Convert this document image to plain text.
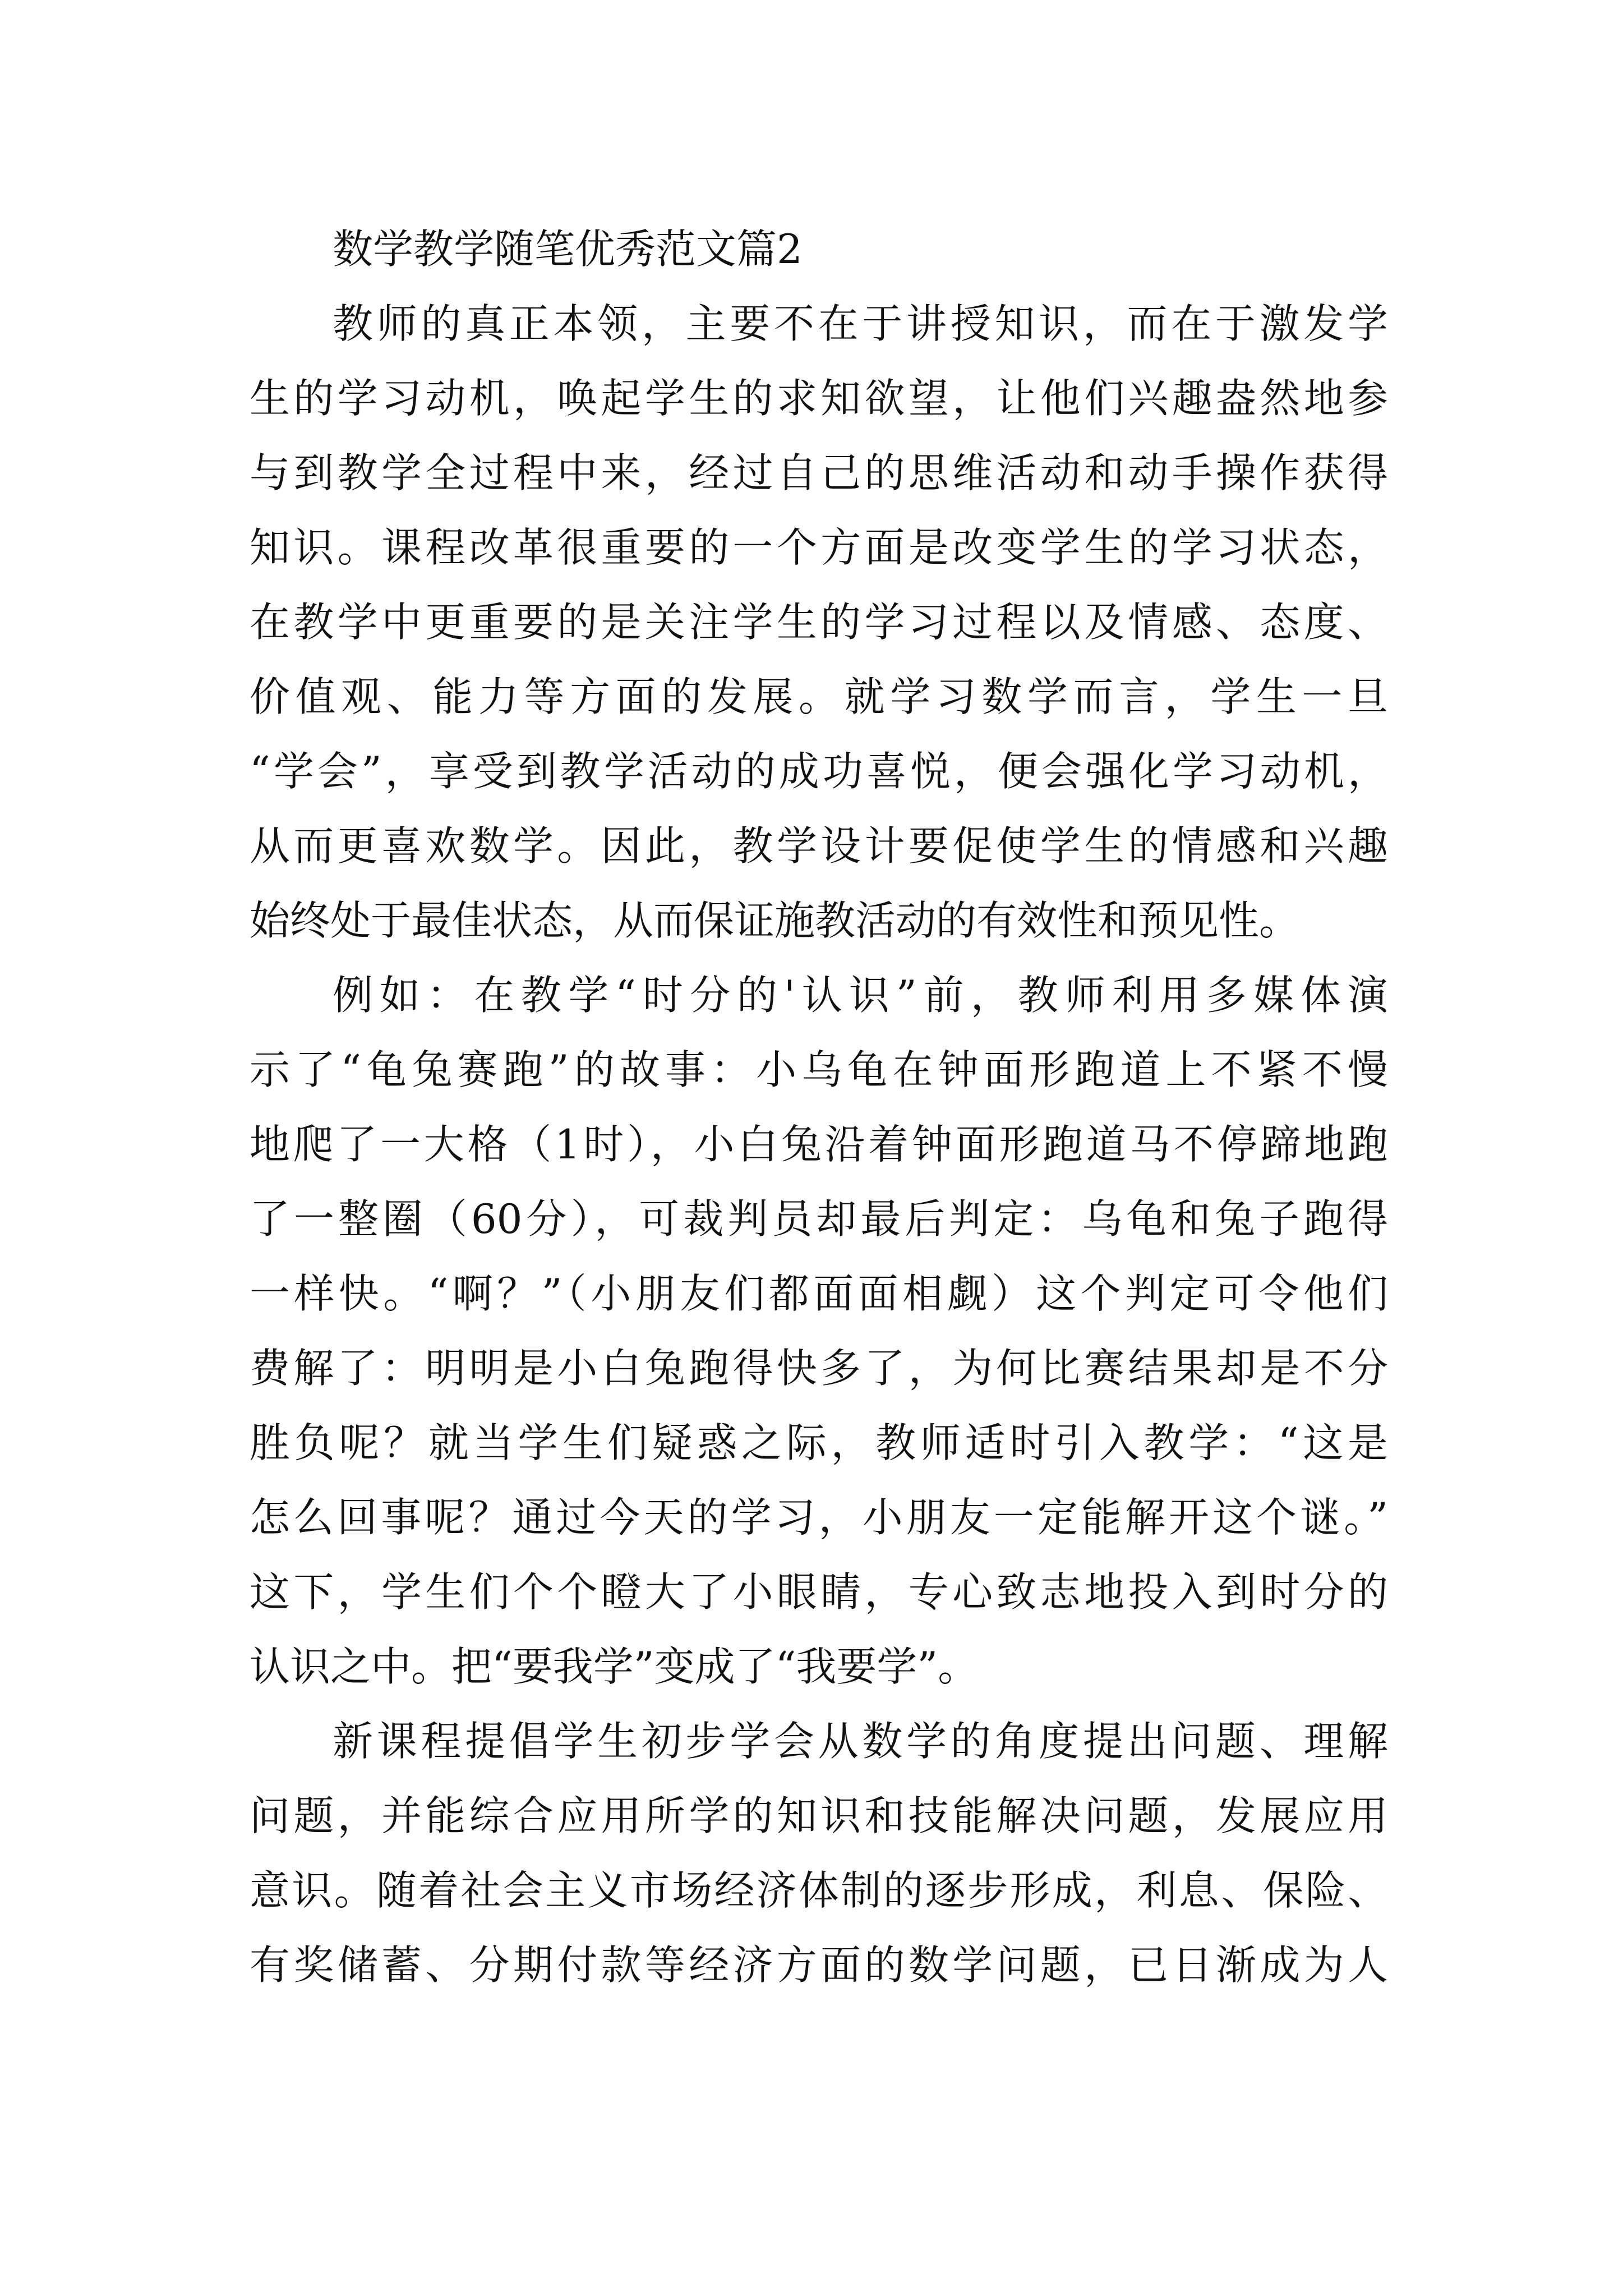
数学教学随笔优秀范文篇2
教师的真正本领，主要不在于讲授知识，而在于激发学
生的学习动机，唤起学生的求知欲望，让他们兴趣盎然地参
与到教学全过程中来，经过自己的思维活动和动手操作获得
知识。课程改革很重要的一个方面是改变学生的学习状态，
在教学中更重要的是关注学生的学习过程以及情感、态度、
价值观、能力等方面的发展。就学习数学而言，学生一旦
“学会”，享受到教学活动的成功喜悦，便会强化学习动机，
从而更喜欢数学。因此，教学设计要促使学生的情感和兴趣
始终处于最佳状态，从而保证施教活动的有效性和预见性。
例如：在教学“时分的'认识”前，教师利用多媒体演
示了“龟兔赛跑”的故事：小乌龟在钟面形跑道上不紧不慢
地爬了一大格（1时），小白兔沿着钟面形跑道马不停蹄地跑
了一整圈（60分），可裁判员却最后判定：乌龟和兔子跑得
一样快。“啊？”（小朋友们都面面相觑）这个判定可令他们
费解了：明明是小白兔跑得快多了，为何比赛结果却是不分
胜负呢？就当学生们疑惑之际，教师适时引入教学：“这是
怎么回事呢？通过今天的学习，小朋友一定能解开这个谜。”
这下，学生们个个瞪大了小眼睛，专心致志地投入到时分的
认识之中。把“要我学”变成了“我要学”。
新课程提倡学生初步学会从数学的角度提出问题、理解
问题，并能综合应用所学的知识和技能解决问题，发展应用
意识。随着社会主义市场经济体制的逐步形成，利息、保险、
有奖储蓄、分期付款等经济方面的数学问题，已日渐成为人
